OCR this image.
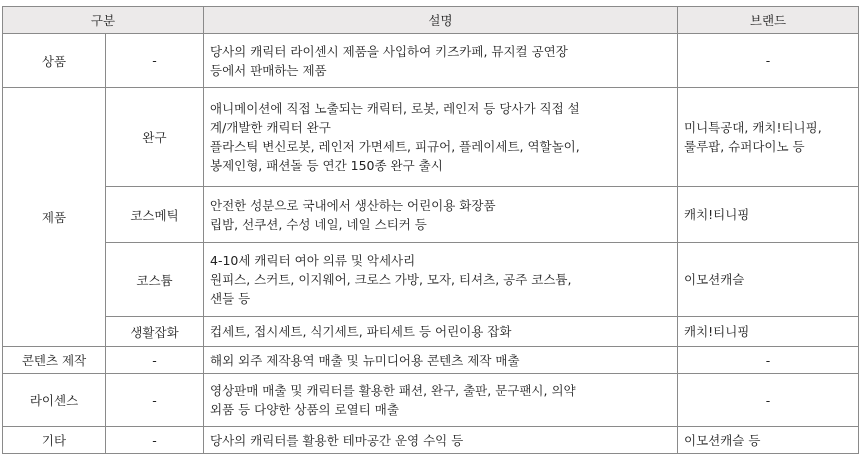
구분		설명	브랜드
상품	-	당사의 캐릭터 라이센시 제품을 사입하여 키즈카페, 뮤지컬 공연장
등에서 판매하는 제품	-
제품	완구	애니메이션에 직접 노출되는 캐릭터, 로봇, 레인저 등 당사가 직접 설
계/개발한 캐릭터 완구
플라스틱 변신로봇, 레인저 가면세트, 피규어, 플레이세트, 역할놀이,
봉제인형, 패션돌 등 연간 150종 완구 출시	미니특공대, 캐치!티니핑,
룰루팝, 슈퍼다이노 등

	코스메틱	안전한 성분으로 국내에서 생산하는 어린이용 화장품
립밤, 선쿠션, 수성 네일, 네일 스티커 등	캐치!티니핑
	코스튬	4-10세 캐릭터 여아 의류 및 악세사리
원피스, 스커트, 이지웨어, 크로스 가방, 모자, 티셔츠, 공주 코스튬,
샌들 등	이모션캐슬
	생활잡화	컵세트, 접시세트, 식기세트, 파티세트 등 어린이용 잡화	캐치!티니핑
콘텐츠 제작	-	해외 외주 제작용역 매출 및 뉴미디어용 콘텐츠 제작 매출	-
라이센스	-	영상판매 매출 및 캐릭터를 활용한 패션, 완구, 출판, 문구팬시, 의약
외품 등 다양한 상품의 로열티 매출	-
기타	-	당사의 캐릭터를 활용한 테마공간 운영 수익 등	이모션캐슬 등
